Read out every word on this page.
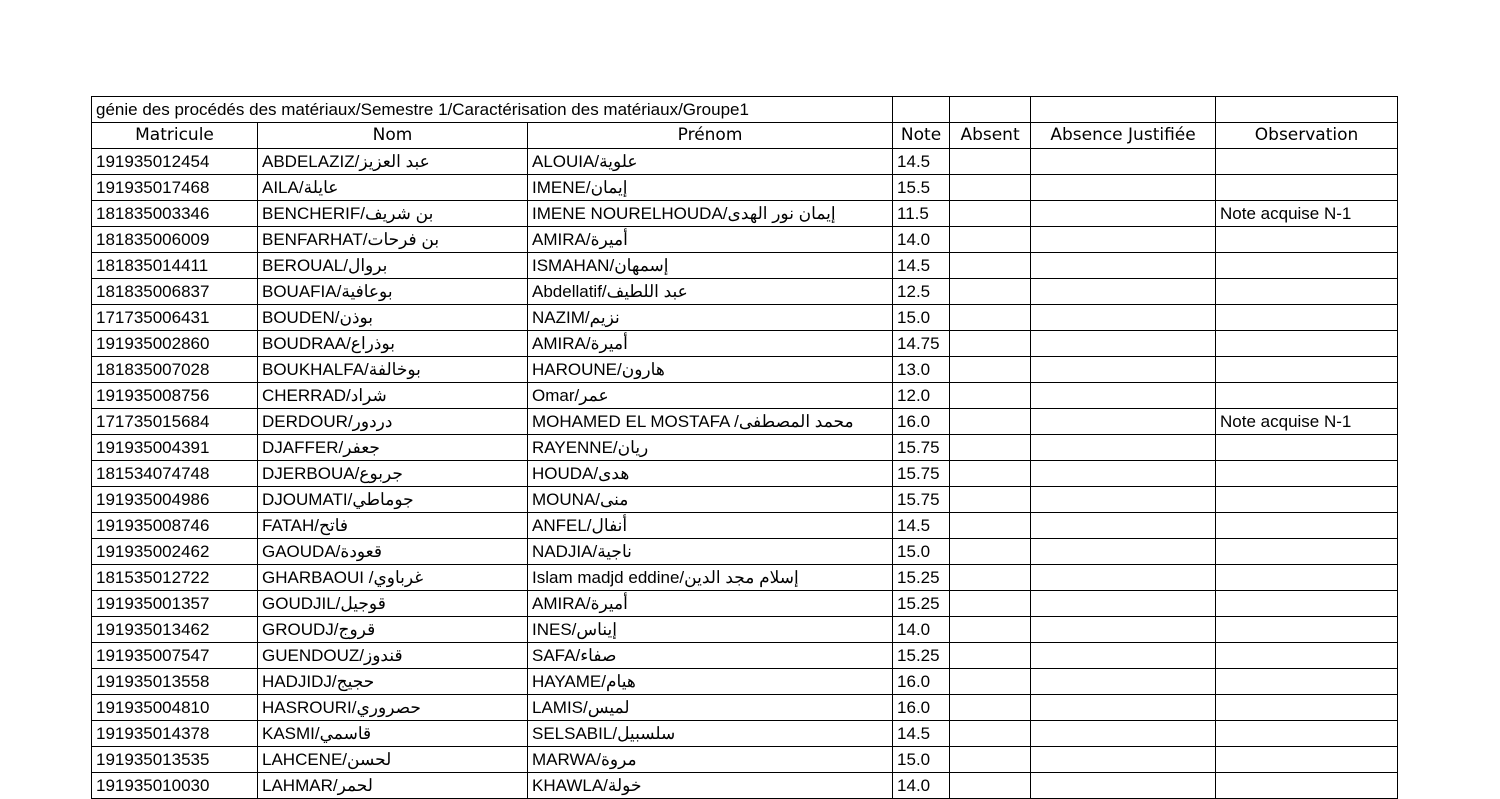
génie des procédés des matériaux/Semestre 1/Caractérisation des matériaux/Groupe1						
Matricule	Nom	Prénom	Note	Absent	Absence Justifiée	Observation
191935012454	ABDELAZIZ/عبد العزيز	ALOUIA/علوية	14.5			
191935017468	AILA/عايلة	IMENE/إيمان	15.5			
181835003346	BENCHERIF/بن شريف	IMENE NOURELHOUDA/إيمان نور الهدى	11.5			Note acquise N-1
181835006009	BENFARHAT/بن فرحات	AMIRA/أميرة	14.0			
181835014411	BEROUAL/بروال	ISMAHAN/إسمهان	14.5			
181835006837	BOUAFIA/بوعافية	Abdellatif/عبد اللطيف	12.5			
171735006431	BOUDEN/بوذن	NAZIM/نزيم	15.0			
191935002860	BOUDRAA/بوذراع	AMIRA/أميرة	14.75			
181835007028	BOUKHALFA/بوخالفة	HAROUNE/هارون	13.0			
191935008756	CHERRAD/شراد	Omar/عمر	12.0			
171735015684	DERDOUR/دردور	MOHAMED EL MOSTAFA /محمد المصطفى	16.0			Note acquise N-1
191935004391	DJAFFER/جعفر	RAYENNE/ريان	15.75			
181534074748	DJERBOUA/جربوع	HOUDA/هدى	15.75			
191935004986	DJOUMATI/جوماطي	MOUNA/منى	15.75			
191935008746	FATAH/فاتح	ANFEL/أنفال	14.5			
191935002462	GAOUDA/قعودة	NADJIA/ناجية	15.0			
181535012722	GHARBAOUI /غرباوي	Islam madjd eddine/إسلام مجد الدين	15.25			
191935001357	GOUDJIL/قوجيل	AMIRA/أميرة	15.25			
191935013462	GROUDJ/قروج	INES/إيناس	14.0			
191935007547	GUENDOUZ/قندوز	SAFA/صفاء	15.25			
191935013558	HADJIDJ/حجيج	HAYAME/هيام	16.0			
191935004810	HASROURI/حصروري	LAMIS/لميس	16.0			
191935014378	KASMI/قاسمي	SELSABIL/سلسبيل	14.5			
191935013535	LAHCENE/لحسن	MARWA/مروة	15.0			
191935010030	LAHMAR/لحمر	KHAWLA/خولة	14.0			
